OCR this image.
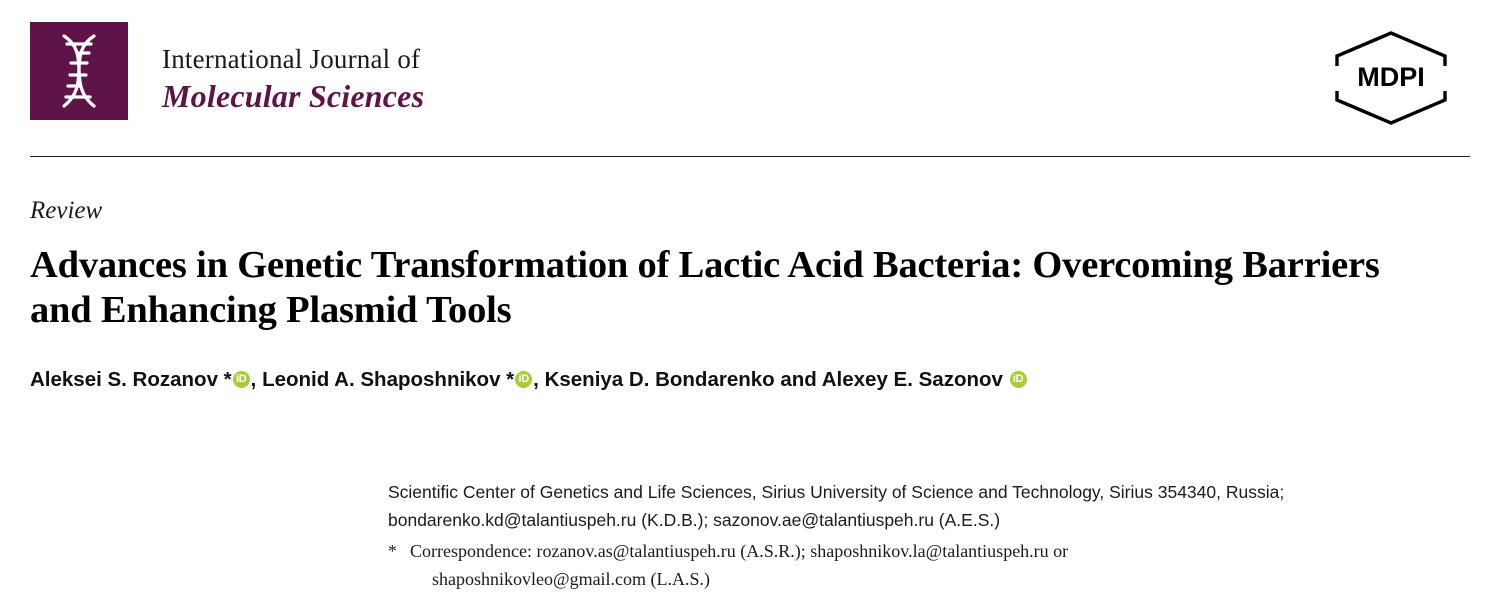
International Journal of
Molecular Sciences
MDPI
Review
Advances in Genetic Transformation of Lactic Acid Bacteria: Overcoming Barriers and Enhancing Plasmid Tools
Aleksei S. Rozanov * iD , Leonid A. Shaposhnikov * iD , Kseniya D. Bondarenko and Alexey E. Sazonov iD
Scientific Center of Genetics and Life Sciences, Sirius University of Science and Technology, Sirius 354340, Russia;
bondarenko.kd@talantiuspeh.ru (K.D.B.); sazonov.ae@talantiuspeh.ru (A.E.S.)
* Correspondence: rozanov.as@talantiuspeh.ru (A.S.R.); shaposhnikov.la@talantiuspeh.ru or
shaposhnikovleo@gmail.com (L.A.S.)
